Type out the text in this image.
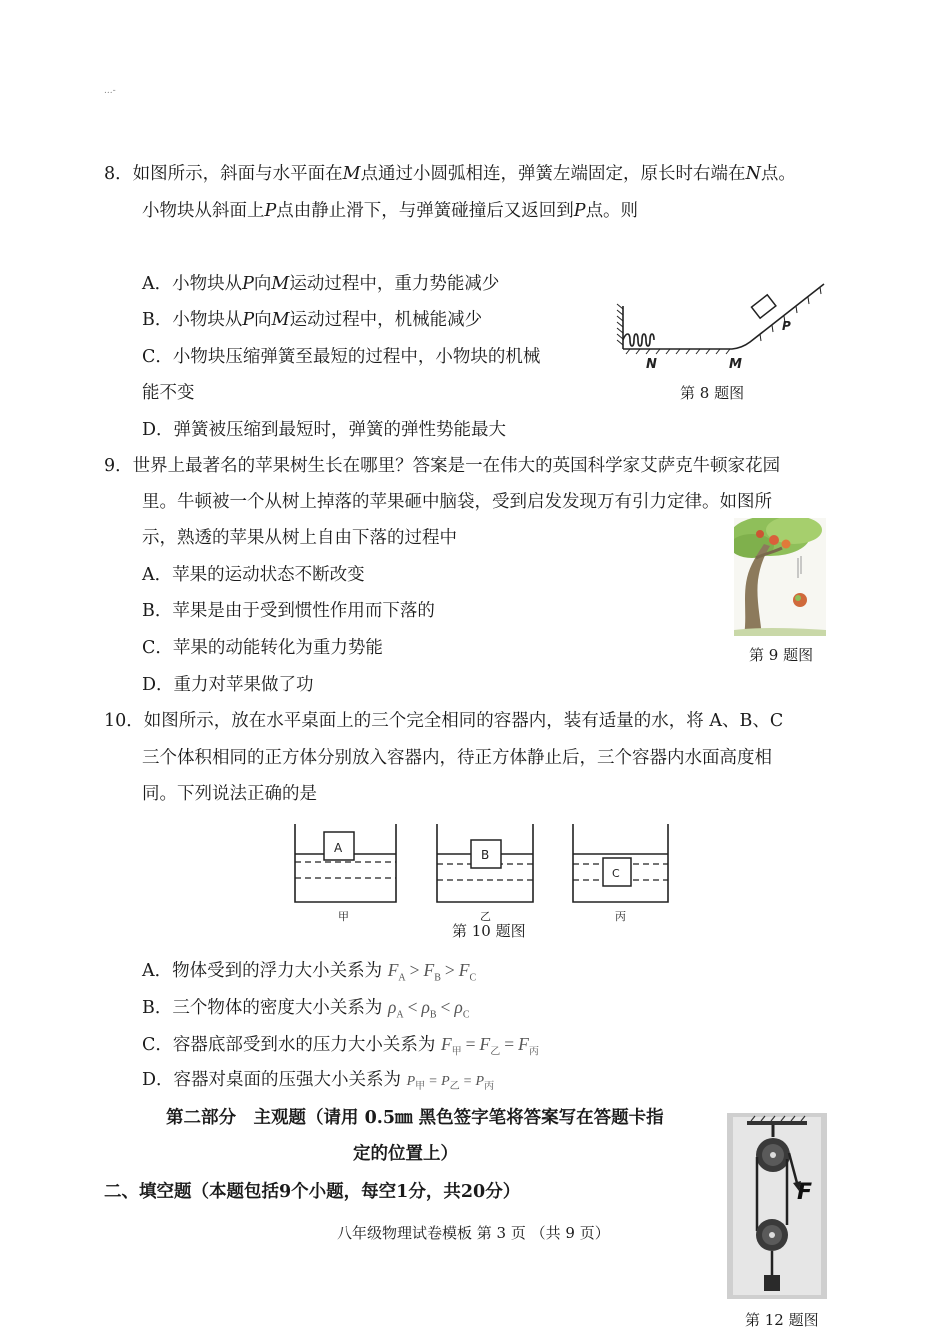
...-
8．如图所示，斜面与水平面在M点通过小圆弧相连，弹簧左端固定，原长时右端在N点。
小物块从斜面上P点由静止滑下，与弹簧碰撞后又返回到P点。则
A．小物块从P向M运动过程中，重力势能减少
B．小物块从P向M运动过程中，机械能减少
C．小物块压缩弹簧至最短的过程中，小物块的机械
能不变
D．弹簧被压缩到最短时，弹簧的弹性势能最大
N	M
P
第 8 题图
9．世界上最著名的苹果树生长在哪里？答案是一在伟大的英国科学家艾萨克牛顿家花园
里。牛顿被一个从树上掉落的苹果砸中脑袋，受到启发发现万有引力定律。如图所
示，熟透的苹果从树上自由下落的过程中
A．苹果的运动状态不断改变
B．苹果是由于受到惯性作用而下落的
C．苹果的动能转化为重力势能
D．重力对苹果做了功
第 9 题图
10．如图所示，放在水平桌面上的三个完全相同的容器内，装有适量的水，将 A、B、C
三个体积相同的正方体分别放入容器内，待正方体静止后，三个容器内水面高度相
同。下列说法正确的是
A	B
C
甲	乙	丙
第 10 题图
A．物体受到的浮力大小关系为 $F_A > F_B > F_C$
B．三个物体的密度大小关系为 $\rho_A < \rho_B < \rho_C$
C．容器底部受到水的压力大小关系为 $F_甲 = F_乙 = F_丙$
D．容器对桌面的压强大小关系为 $P_甲 = P_乙 = P_丙$
第二部分　主观题（请用 0.5㎜ 黑色签字笔将答案写在答题卡指
定的位置上）
二、填空题（本题包括9个小题，每空1分，共20分）	F
第 12 题图
八年级物理试卷模板 第 3 页 （共 9 页）
